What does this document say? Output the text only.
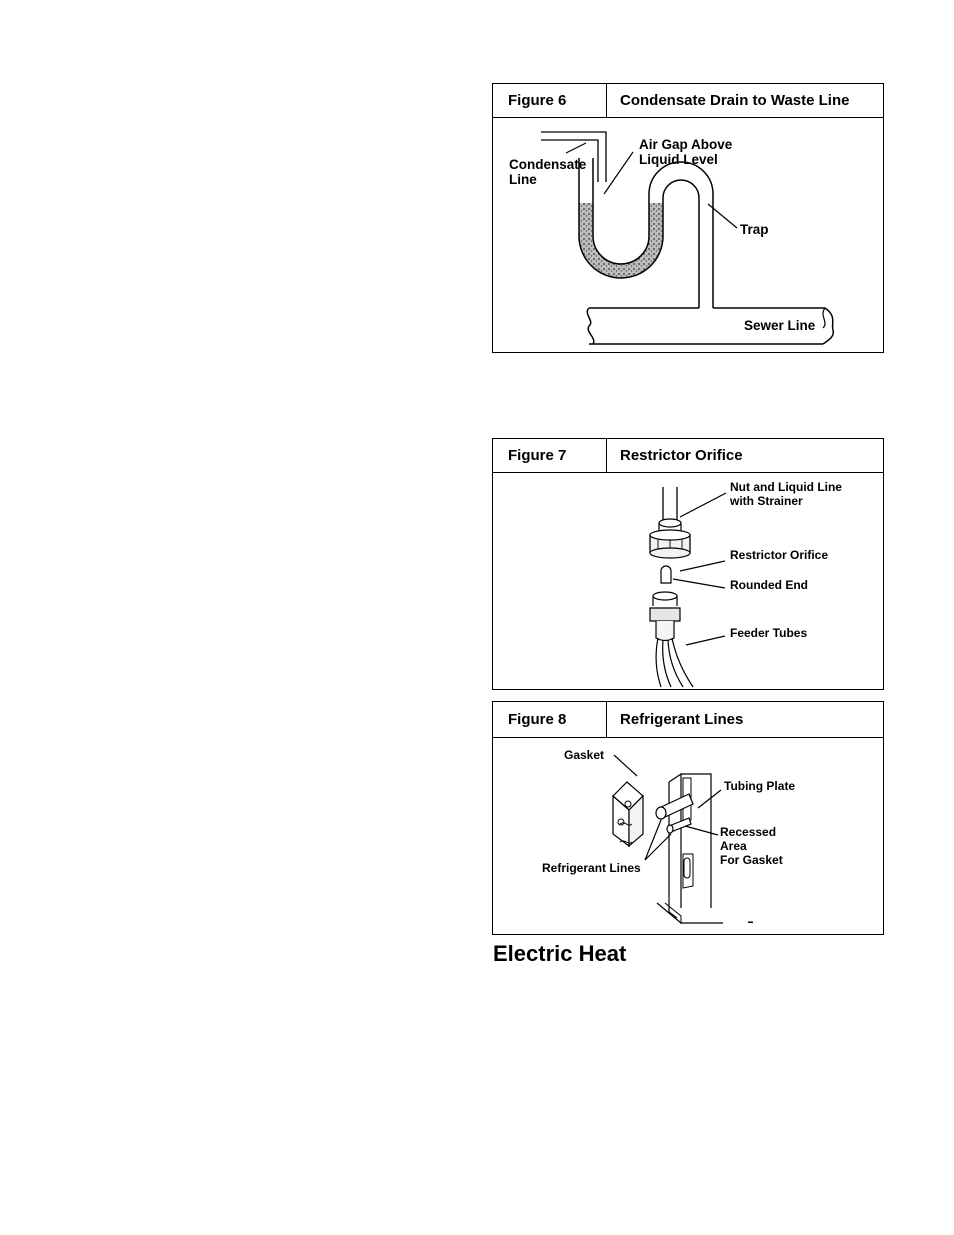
Figure 6	Condensate Drain to Waste Line
Condensate
Line
Air Gap Above
Liquid Level
Trap
Sewer Line
Figure 7	Restrictor Orifice
Nut and Liquid Line
with Strainer
Restrictor Orifice
Rounded End
Feeder Tubes
Figure 8	Refrigerant Lines
▬
Gasket
Tubing Plate
Recessed
Area
For Gasket
Refrigerant Lines
Electric Heat
